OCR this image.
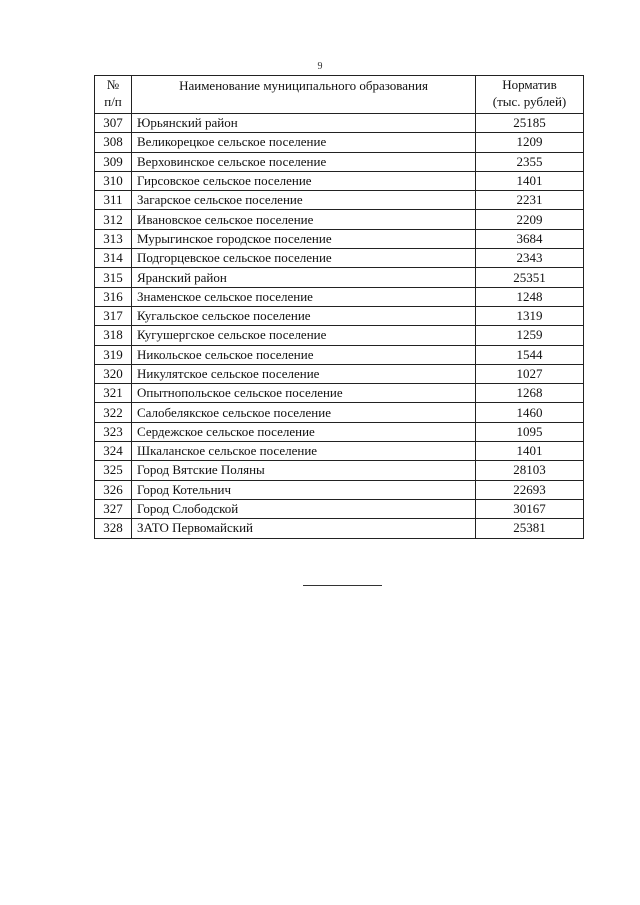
9
№
п/п	Наименование муниципального образования	Норматив
(тыс. рублей)

307	Юрьянский район	25185
308	Великорецкое сельское поселение	1209
309	Верховинское сельское поселение	2355
310	Гирсовское сельское поселение	1401
311	Загарское сельское поселение	2231
312	Ивановское сельское поселение	2209
313	Мурыгинское городское поселение	3684
314	Подгорцевское сельское поселение	2343
315	Яранский район	25351
316	Знаменское сельское поселение	1248
317	Кугальское сельское поселение	1319
318	Кугушергское сельское поселение	1259
319	Никольское сельское поселение	1544
320	Никулятское сельское поселение	1027
321	Опытнопольское сельское поселение	1268
322	Салобелякское сельское поселение	1460
323	Сердежское сельское поселение	1095
324	Шкаланское сельское поселение	1401
325	Город Вятские Поляны	28103
326	Город Котельнич	22693
327	Город Слободской	30167
328	ЗАТО Первомайский	25381
